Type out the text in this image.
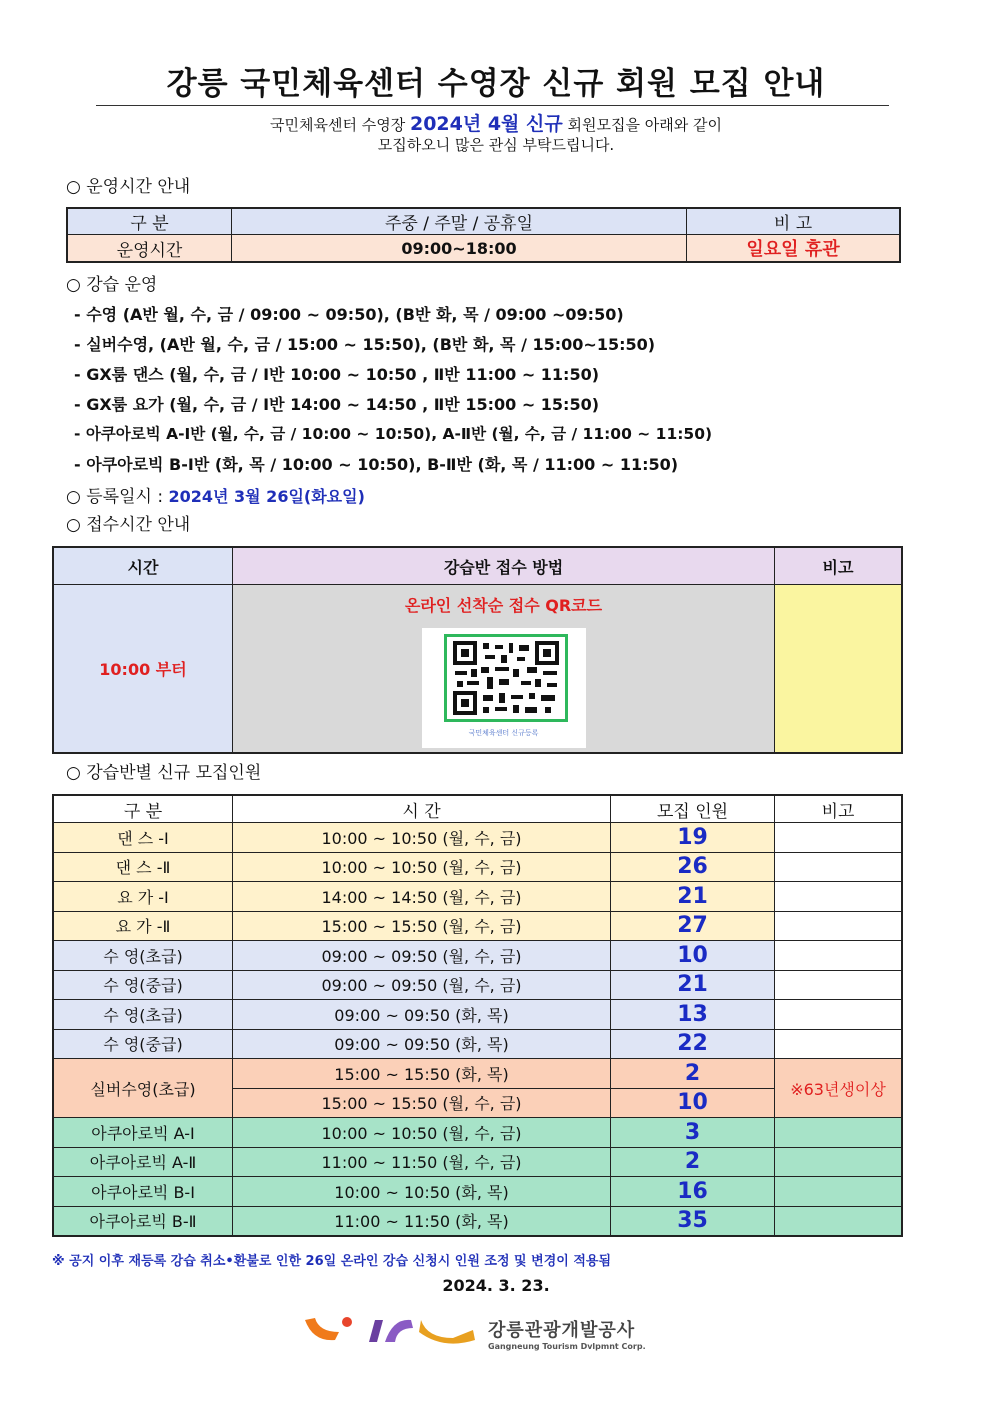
강릉 국민체육센터 수영장 신규 회원 모집 안내
국민체육센터 수영장 2024년 4월 신규 회원모집을 아래와 같이
모집하오니 많은 관심 부탁드립니다.
○ 운영시간 안내
구 분	주중 / 주말 / 공휴일	비 고
운영시간	09:00~18:00	일요일 휴관
○ 강습 운영
- 수영 (A반 월, 수, 금 / 09:00 ~ 09:50), (B반 화, 목 / 09:00 ~09:50)
- 실버수영, (A반 월, 수, 금 / 15:00 ~ 15:50), (B반 화, 목 / 15:00~15:50)
- GX룸 댄스 (월, 수, 금 / Ⅰ반 10:00 ~ 10:50 , Ⅱ반 11:00 ~ 11:50)
- GX룸 요가 (월, 수, 금 / Ⅰ반 14:00 ~ 14:50 , Ⅱ반 15:00 ~ 15:50)
- 아쿠아로빅 A-Ⅰ반 (월, 수, 금 / 10:00 ~ 10:50), A-Ⅱ반 (월, 수, 금 / 11:00 ~ 11:50)
- 아쿠아로빅 B-Ⅰ반 (화, 목 / 10:00 ~ 10:50), B-Ⅱ반 (화, 목 / 11:00 ~ 11:50)
○ 등록일시 : 2024년 3월 26일(화요일)
○ 접수시간 안내
시간	강습반 접수 방법	비고
10:00 부터	온라인 선착순 접수 QR코드
국민체육센터 신규등록	

○ 강습반별 신규 모집인원
구 분	시 간	모집 인원	비고
댄 스 -Ⅰ	10:00 ~ 10:50 (월, 수, 금)	19	
댄 스 -Ⅱ	10:00 ~ 10:50 (월, 수, 금)	26	
요 가 -Ⅰ	14:00 ~ 14:50 (월, 수, 금)	21	
요 가 -Ⅱ	15:00 ~ 15:50 (월, 수, 금)	27	
수 영(초급)	09:00 ~ 09:50 (월, 수, 금)	10	
수 영(중급)	09:00 ~ 09:50 (월, 수, 금)	21	
수 영(초급)	09:00 ~ 09:50 (화, 목)	13	
수 영(중급)	09:00 ~ 09:50 (화, 목)	22	
실버수영(초급)	15:00 ~ 15:50 (화, 목)	2	※63년생이상
	15:00 ~ 15:50 (월, 수, 금)	10	
아쿠아로빅 A-Ⅰ	10:00 ~ 10:50 (월, 수, 금)	3	
아쿠아로빅 A-Ⅱ	11:00 ~ 11:50 (월, 수, 금)	2	
아쿠아로빅 B-Ⅰ	10:00 ~ 10:50 (화, 목)	16	
아쿠아로빅 B-Ⅱ	11:00 ~ 11:50 (화, 목)	35	
※ 공지 이후 재등록 강습 취소•환불로 인한 26일 온라인 강습 신청시 인원 조정 및 변경이 적용됨
2024. 3. 23.
강릉관광개발공사
Gangneung Tourism Dvlpmnt Corp.
